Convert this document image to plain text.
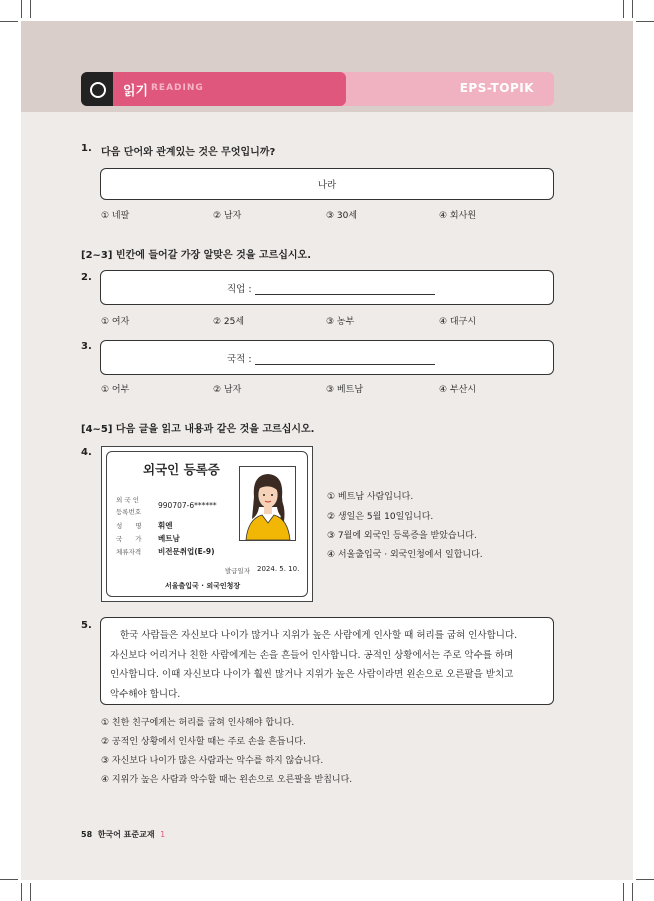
EPS-TOPIK
읽기 READING
1. 다음 단어와 관계있는 것은 무엇입니까?
나라
① 네팔	② 남자	③ 30세	④ 회사원
[2~3] 빈칸에 들어갈 가장 알맞은 것을 고르십시오.
2.
직업 :
① 여자	② 25세	③ 농부	④ 대구시
3.
국적 :
① 어부	② 남자	③ 베트남	④ 부산시
[4~5] 다음 글을 읽고 내용과 같은 것을 고르십시오.
4.
외국인 등록증
외 국 인
등록번호
990707-6******
성　　명 휘엔
국　　가 베트남
체류자격 비전문취업(E-9)
발급일자 2024. 5. 10.
서울출입국 · 외국인청장
① 베트남 사람입니다.
② 생일은 5월 10일입니다.
③ 7월에 외국인 등록증을 받았습니다.
④ 서울출입국 · 외국인청에서 일합니다.
5.
한국 사람들은 자신보다 나이가 많거나 지위가 높은 사람에게 인사할 때 허리를 굽혀 인사합니다.
자신보다 어리거나 친한 사람에게는 손을 흔들어 인사합니다. 공적인 상황에서는 주로 악수를 하며
인사합니다. 이때 자신보다 나이가 훨씬 많거나 지위가 높은 사람이라면 왼손으로 오른팔을 받치고
악수해야 합니다.
① 친한 친구에게는 허리를 굽혀 인사해야 합니다.
② 공적인 상황에서 인사할 때는 주로 손을 흔듭니다.
③ 자신보다 나이가 많은 사람과는 악수를 하지 않습니다.
④ 지위가 높은 사람과 악수할 때는 왼손으로 오른팔을 받칩니다.
58 한국어 표준교재 1
